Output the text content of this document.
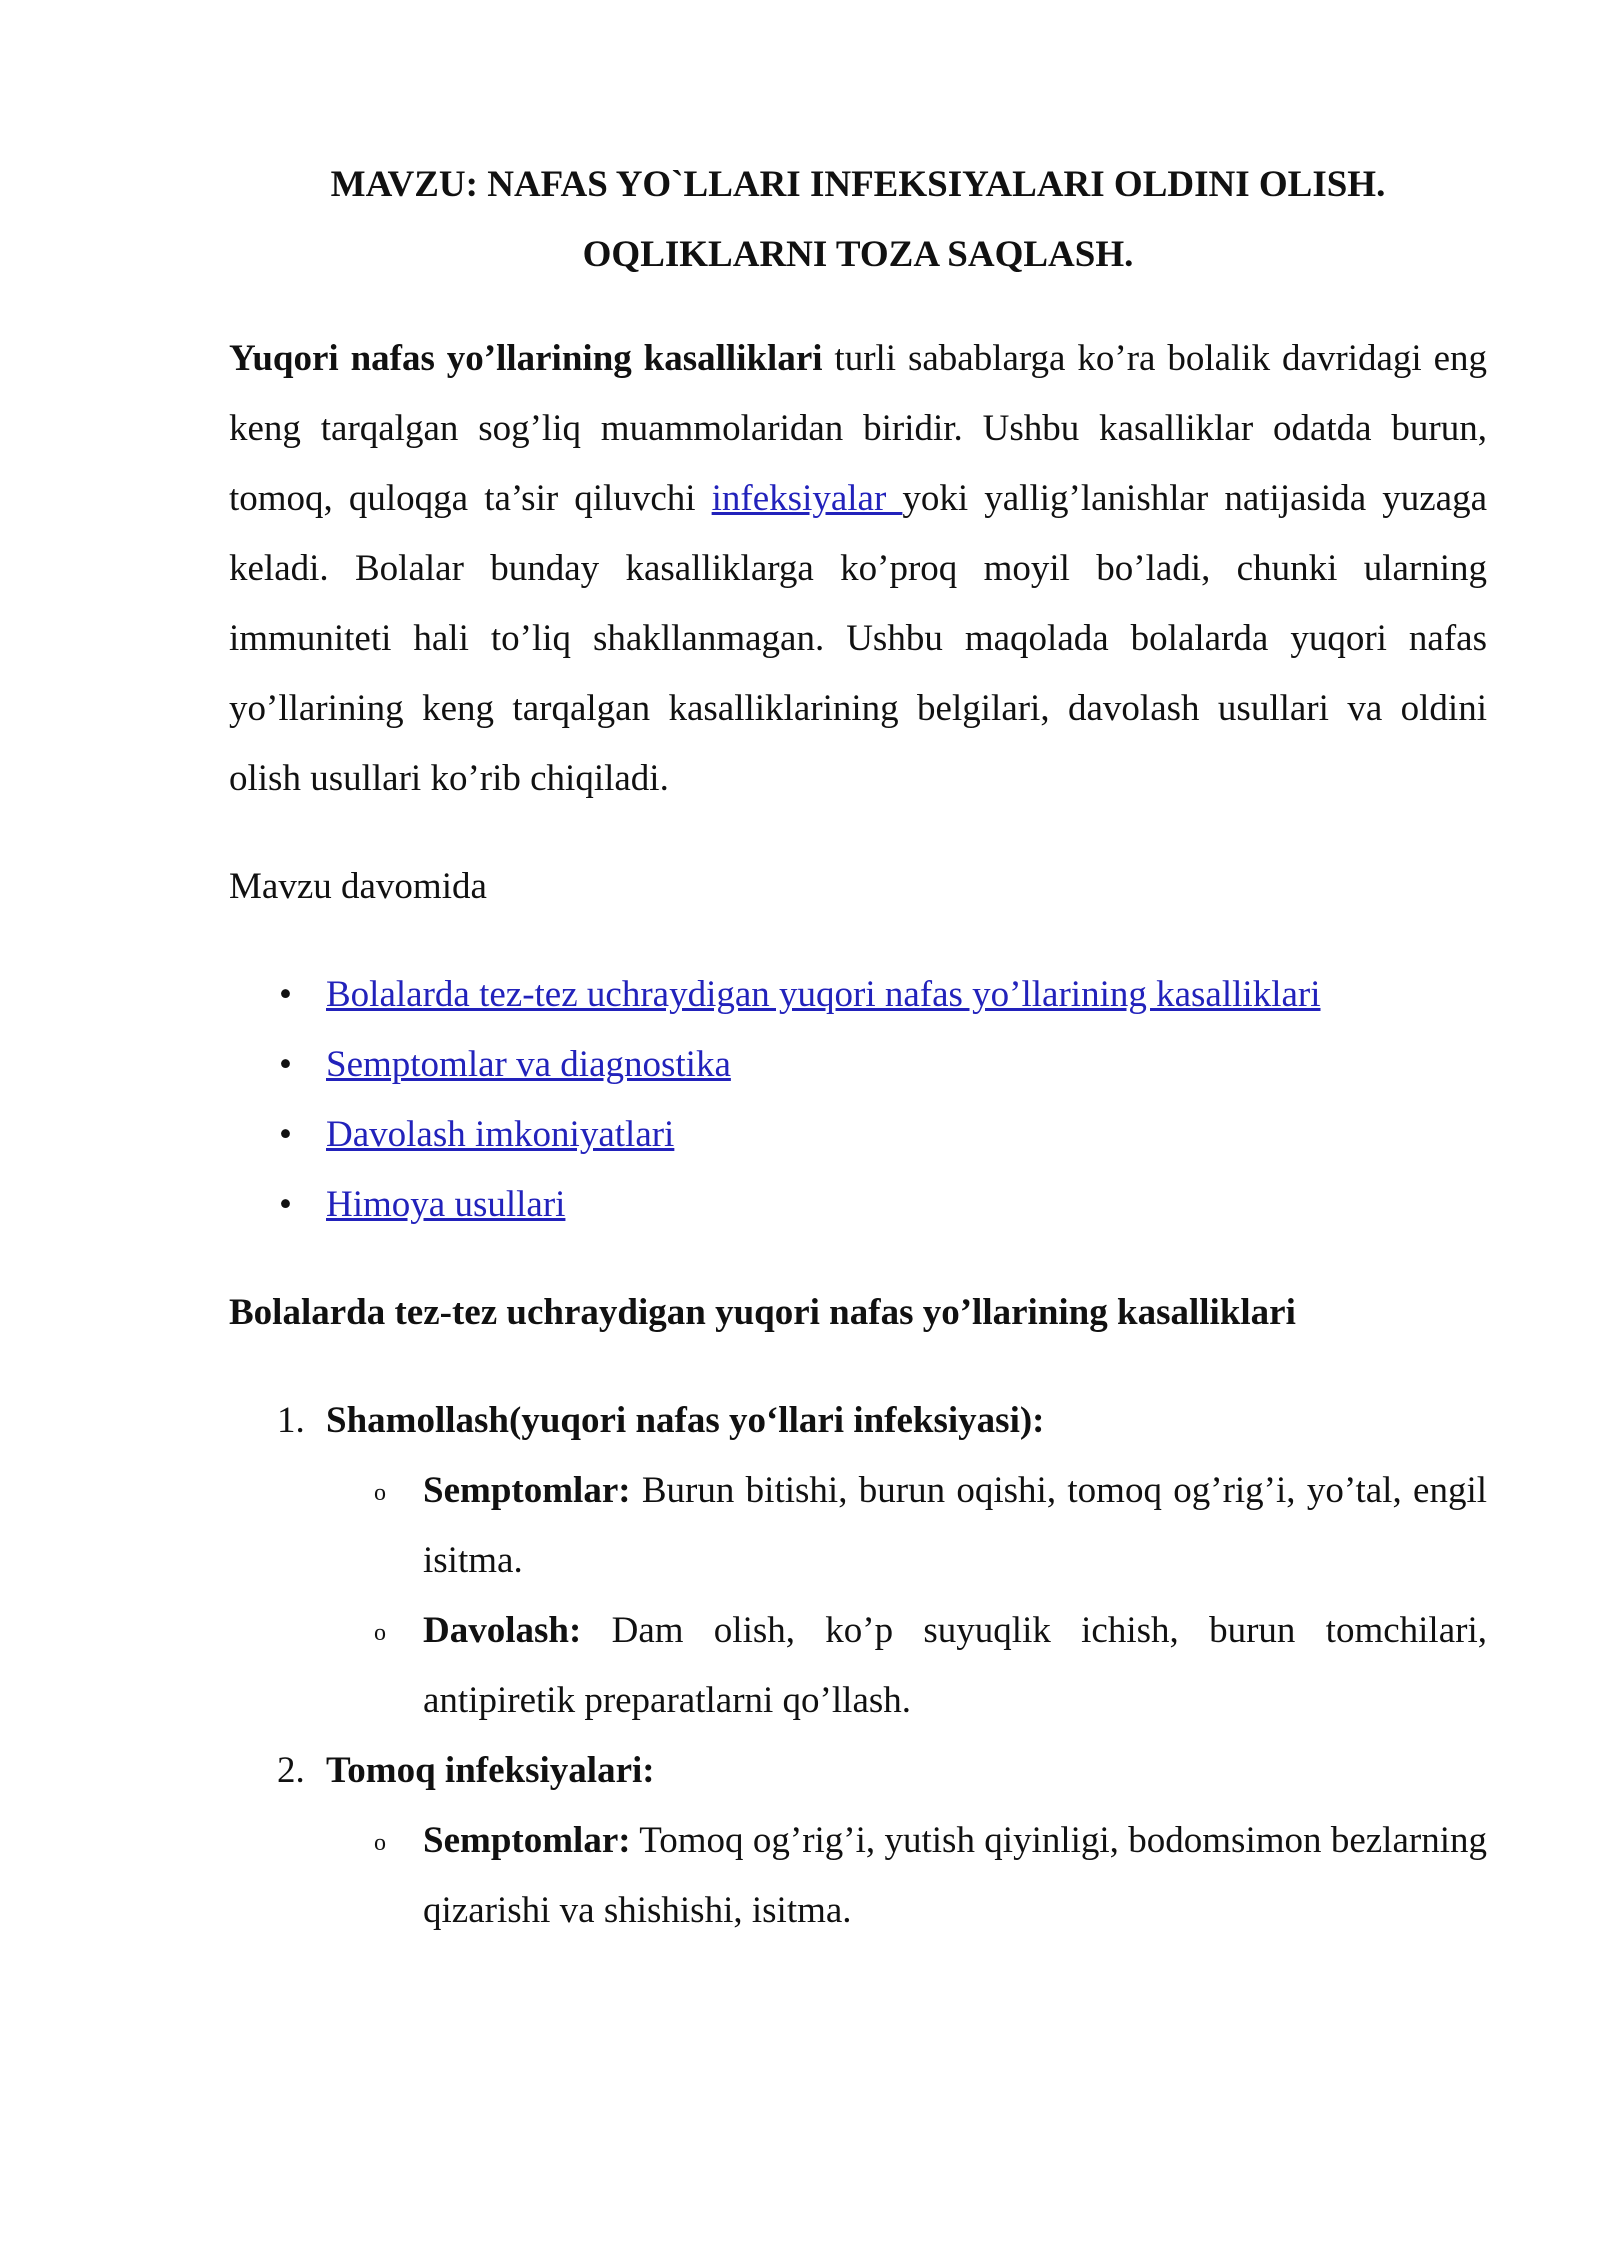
MAVZU: NAFAS YO`LLARI INFEKSIYALARI OLDINI OLISH.
OQLIKLARNI TOZA SAQLASH.

Yuqori nafas yo’llarining kasalliklari turli sabablarga ko’ra bolalik davridagi eng keng tarqalgan sog’liq muammolaridan biridir. Ushbu kasalliklar odatda burun, tomoq, quloqga ta’sir qiluvchi infeksiyalar yoki yallig’lanishlar natijasida yuzaga keladi. Bolalar bunday kasalliklarga ko’proq moyil bo’ladi, chunki ularning immuniteti hali to’liq shakllanmagan. Ushbu maqolada bolalarda yuqori nafas yo’llarining keng tarqalgan kasalliklarining belgilari, davolash usullari va oldini olish usullari ko’rib chiqiladi.

Mavzu davomida

• Bolalarda tez-tez uchraydigan yuqori nafas yo’llarining kasalliklari
• Semptomlar va diagnostika
• Davolash imkoniyatlari
• Himoya usullari
Bolalarda tez-tez uchraydigan yuqori nafas yo’llarining kasalliklari
1. Shamollash(yuqori nafas yo‘llari infeksiyasi):
o Semptomlar: Burun bitishi, burun oqishi, tomoq og’rig’i, yo’tal, engil isitma.
o Davolash: Dam olish, ko’p suyuqlik ichish, burun tomchilari, antipiretik preparatlarni qo’llash.
2. Tomoq infeksiyalari:
o Semptomlar: Tomoq og’rig’i, yutish qiyinligi, bodomsimon bezlarning qizarishi va shishishi, isitma.
